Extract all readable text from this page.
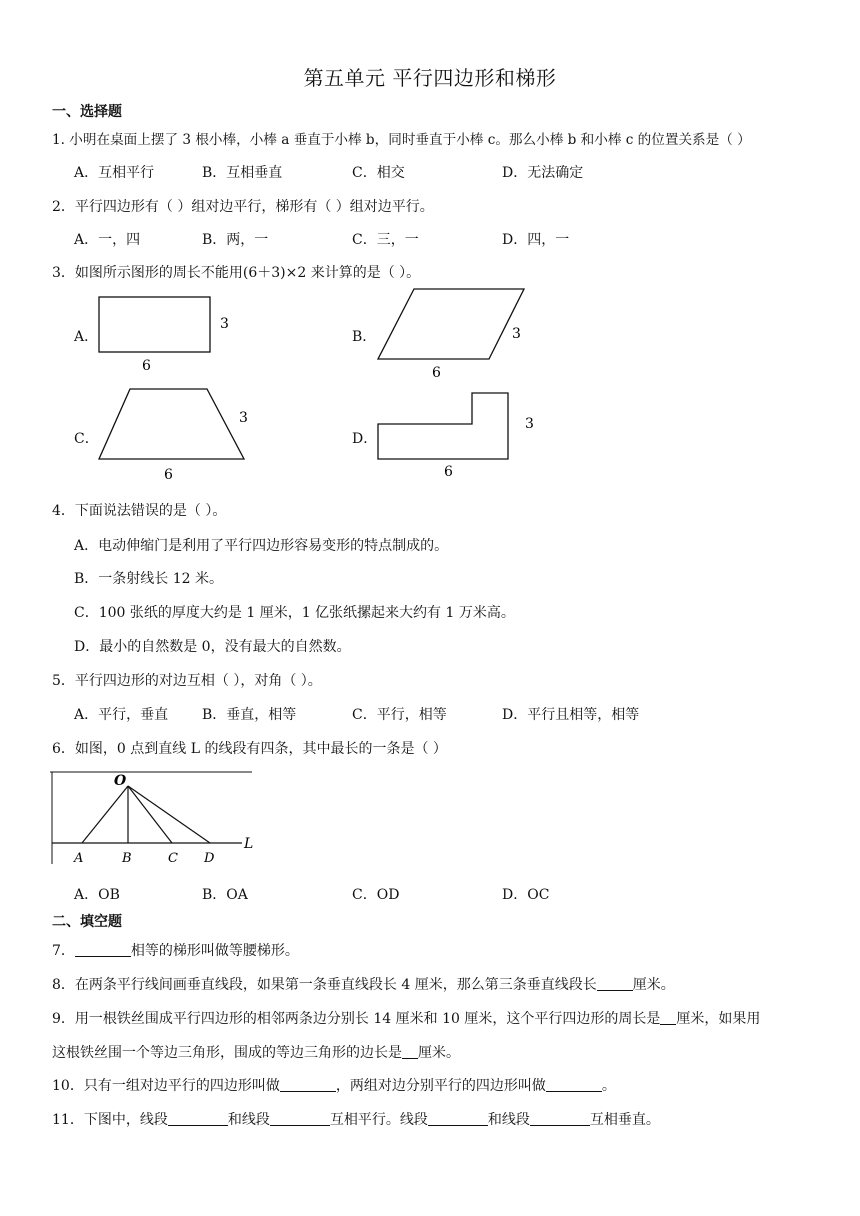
第五单元 平行四边形和梯形
一、选择题
1. 小明在桌面上摆了 3 根小棒，小棒 a 垂直于小棒 b，同时垂直于小棒 c。那么小棒 b 和小棒 c 的位置关系是（ ）
A．互相平行	B．互相垂直	C．相交	D．无法确定
2．平行四边形有（ ）组对边平行，梯形有（ ）组对边平行。
A．一，四	B．两，一	C．三，一	D．四，一
3．如图所示图形的周长不能用(6＋3)×2 来计算的是（ ）。
A．
3
6
B．	3
6
C．
3
6
D．
3
6
4．下面说法错误的是（ ）。
A．电动伸缩门是利用了平行四边形容易变形的特点制成的。
B．一条射线长 12 米。
C．100 张纸的厚度大约是 1 厘米，1 亿张纸摞起来大约有 1 万米高。
D．最小的自然数是 0，没有最大的自然数。
5．平行四边形的对边互相（ ），对角（ ）。
A．平行，垂直 B．垂直，相等	C．平行，相等	D．平行且相等，相等
6．如图，0 点到直线 L 的线段有四条，其中最长的一条是（ ）
O
A	B	C D
L
A．OB	B．OA	C．OD	D．OC
二、填空题
7．	相等的梯形叫做等腰梯形。
8．在两条平行线间画垂直线段，如果第一条垂直线段长 4 厘米，那么第三条垂直线段长	厘米。
9．用一根铁丝围成平行四边形的相邻两条边分别长 14 厘米和 10 厘米，这个平行四边形的周长是 厘米，如果用
这根铁丝围一个等边三角形，围成的等边三角形的边长是 厘米。
10．只有一组对边平行的四边形叫做	，两组对边分别平行的四边形叫做	。
11．下图中，线段	和线段	互相平行。线段	和线段	互相垂直。
